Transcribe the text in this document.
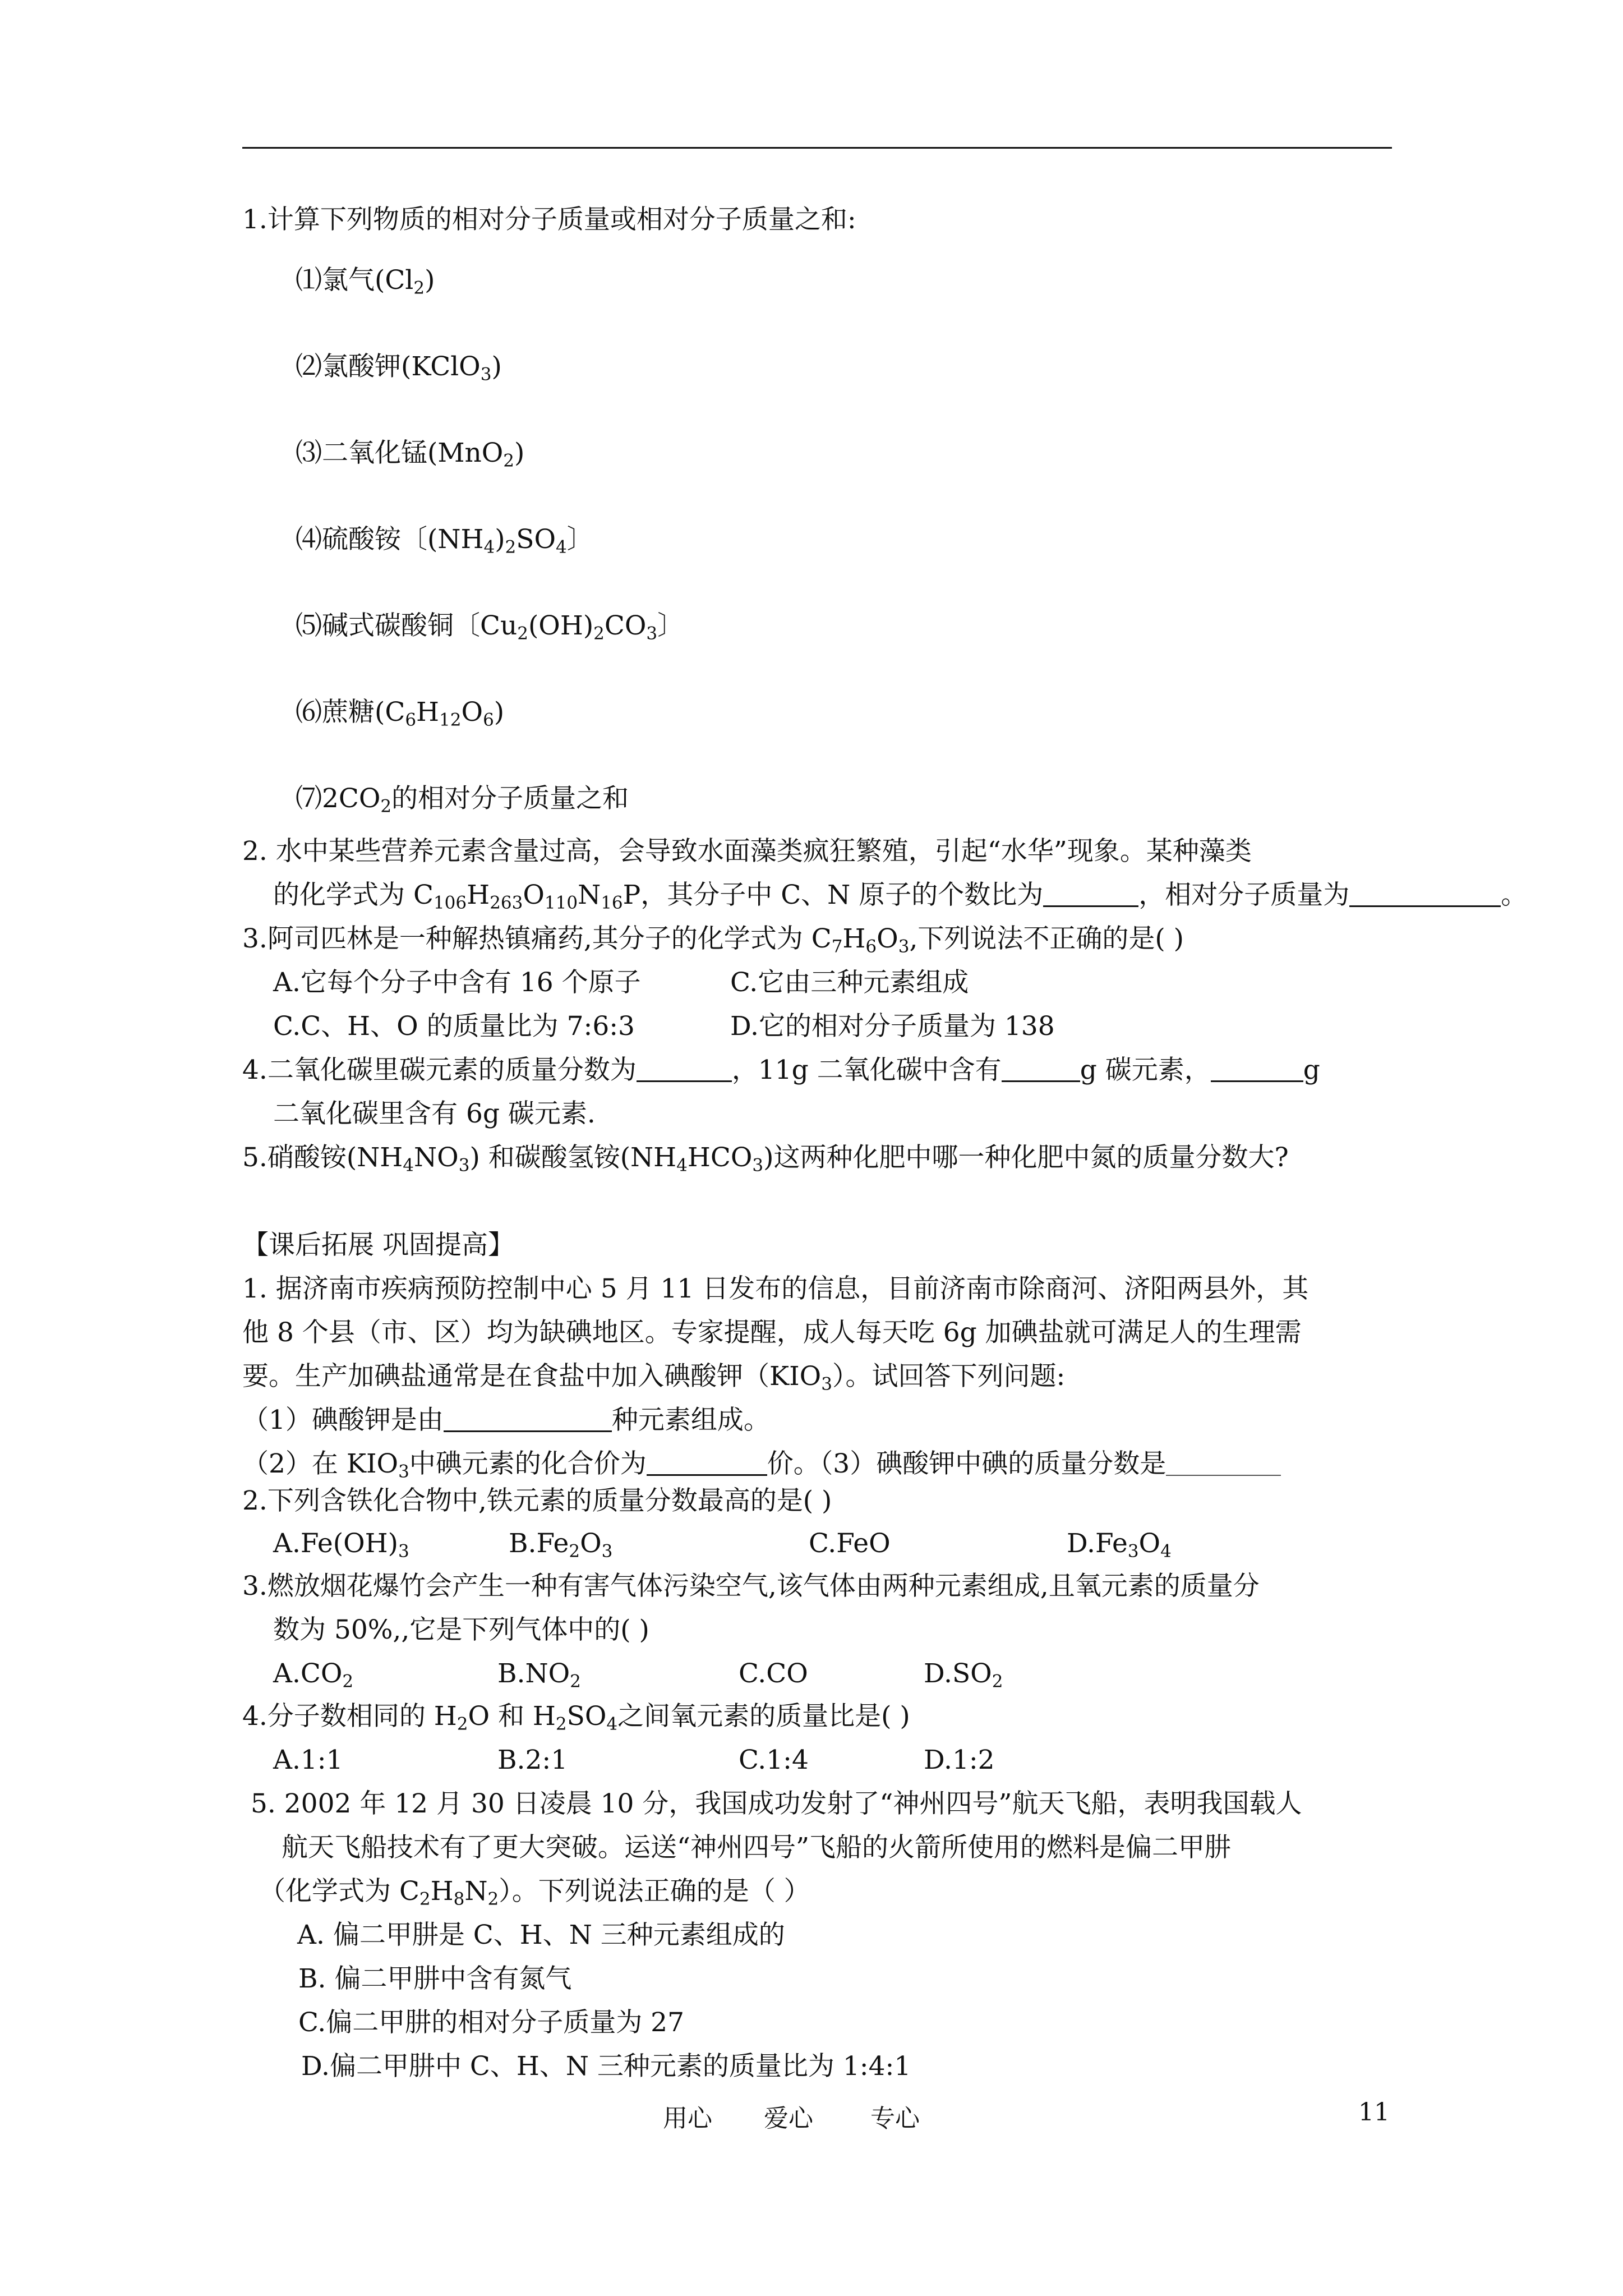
1.计算下列物质的相对分子质量或相对分子质量之和:
⑴氯气$(Cl_2)$
⑵氯酸钾(KClO$_3$)
⑶二氧化锰(MnO$_2$)
⑷硫酸铵〔$(NH_4)_2SO_4$〕
⑸碱式碳酸铜〔$Cu_2(OH)_2CO_3$〕
⑹蔗糖$(C_6H_{12}O_6)$
$⑺2CO_2$的相对分子质量之和
2. 水中某些营养元素含量过高，会导致水面藻类疯狂繁殖，引起“水华”现象。某种藻类
的化学式为 $C_{106}H_{263}O_{110}N_{16}P$，其分子中 C、N 原子的个数比为	，相对分子质量为	。
3.阿司匹林是一种解热镇痛药,其分子的化学式为 $C_7H_6O_3$,下列说法不正确的是( )
A.它每个分子中含有 16 个原子	C.它由三种元素组成
C.C、H、O 的质量比为 7:6:3	D.它的相对分子质量为 138
4.二氧化碳里碳元素的质量分数为	，11g 二氧化碳中含有	g 碳元素，	g
二氧化碳里含有 6g 碳元素.
5.硝酸铵$(NH_4NO_3)$ 和碳酸氢铵$(NH_4HCO_3)$这两种化肥中哪一种化肥中氮的质量分数大?
【课后拓展 巩固提高】
1. 据济南市疾病预防控制中心 5 月 11 日发布的信息，目前济南市除商河、济阳两县外，其
他 8 个县（市、区）均为缺碘地区。专家提醒，成人每天吃 6g 加碘盐就可满足人的生理需
要。生产加碘盐通常是在食盐中加入碘酸钾$(KIO_3)$。试回答下列问题:
（1）碘酸钾是由	种元素组成。
（2）在 $KIO_3$中碘元素的化合价为	价。（3）碘酸钾中碘的质量分数是
2.下列含铁化合物中,铁元素的质量分数最高的是( )
$A.Fe(OH)_3$	$B.Fe_2O_3$	C.FeO	$D.Fe_3O_4$
3.燃放烟花爆竹会产生一种有害气体污染空气,该气体由两种元素组成,且氧元素的质量分
数为 50%,,它是下列气体中的( )
$A.CO_2$	$B.NO_2$	C.CO	$D.SO_2$
4.分子数相同的 $H_2O$ 和 $H_2SO_4$之间氧元素的质量比是( )
A.1:1	B.2:1	C.1:4	D.1:2
5. 2002 年 12 月 30 日凌晨 10 分，我国成功发射了“神州四号”航天飞船，表明我国载人
航天飞船技术有了更大突破。运送“神州四号”飞船的火箭所使用的燃料是偏二甲肼
（化学式为 $C_2H_8N_2$）。下列说法正确的是（ ）
A. 偏二甲肼是 C、H、N 三种元素组成的
B. 偏二甲肼中含有氮气
C.偏二甲肼的相对分子质量为 27
D.偏二甲肼中 C、H、N 三种元素的质量比为 1:4:1
用心 爱心 专心	11
